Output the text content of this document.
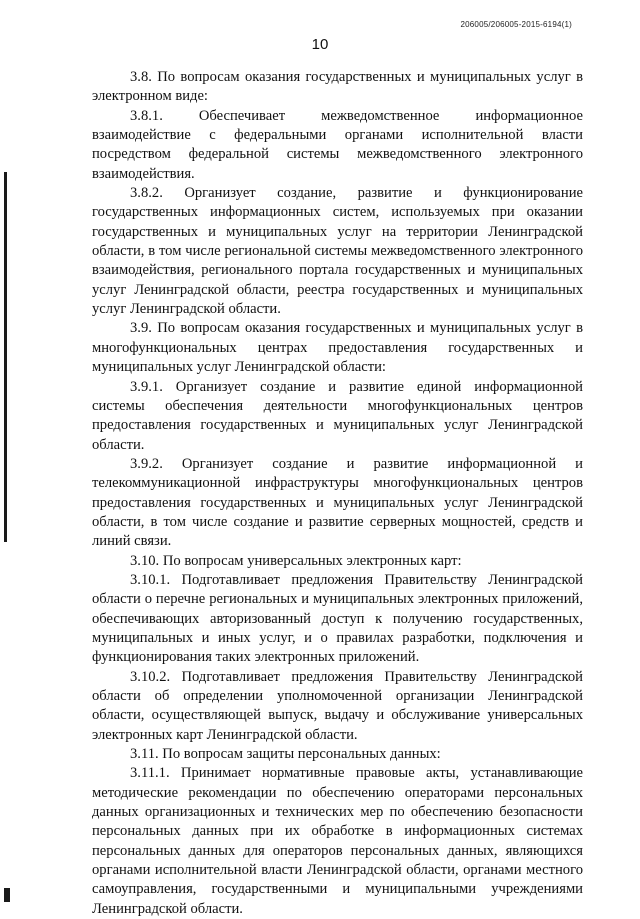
206005/206005-2015-6194(1)
10

3.8. По вопросам оказания государственных и муниципальных услуг в электронном виде:

3.8.1. Обеспечивает межведомственное информационное взаимодействие с федеральными органами исполнительной власти посредством федеральной системы межведомственного электронного взаимодействия.

3.8.2. Организует создание, развитие и функционирование государственных информационных систем, используемых при оказании государственных и муниципальных услуг на территории Ленинградской области, в том числе региональной системы межведомственного электронного взаимодействия, регионального портала государственных и муниципальных услуг Ленинградской области, реестра государственных и муниципальных услуг Ленинградской области.

3.9. По вопросам оказания государственных и муниципальных услуг в многофункциональных центрах предоставления государственных и муниципальных услуг Ленинградской области:

3.9.1. Организует создание и развитие единой информационной системы обеспечения деятельности многофункциональных центров предоставления государственных и муниципальных услуг Ленинградской области.

3.9.2. Организует создание и развитие информационной и телекоммуникационной инфраструктуры многофункциональных центров предоставления государственных и муниципальных услуг Ленинградской области, в том числе создание и развитие серверных мощностей, средств и линий связи.

3.10. По вопросам универсальных электронных карт:

3.10.1. Подготавливает предложения Правительству Ленинградской области о перечне региональных и муниципальных электронных приложений, обеспечивающих авторизованный доступ к получению государственных, муниципальных и иных услуг, и о правилах разработки, подключения и функционирования таких электронных приложений.

3.10.2. Подготавливает предложения Правительству Ленинградской области об определении уполномоченной организации Ленинградской области, осуществляющей выпуск, выдачу и обслуживание универсальных электронных карт Ленинградской области.

3.11. По вопросам защиты персональных данных:

3.11.1. Принимает нормативные правовые акты, устанавливающие методические рекомендации по обеспечению операторами персональных данных организационных и технических мер по обеспечению безопасности персональных данных при их обработке в информационных системах персональных данных для операторов персональных данных, являющихся органами исполнительной власти Ленинградской области, органами местного самоуправления, государственными и муниципальными учреждениями Ленинградской области.
